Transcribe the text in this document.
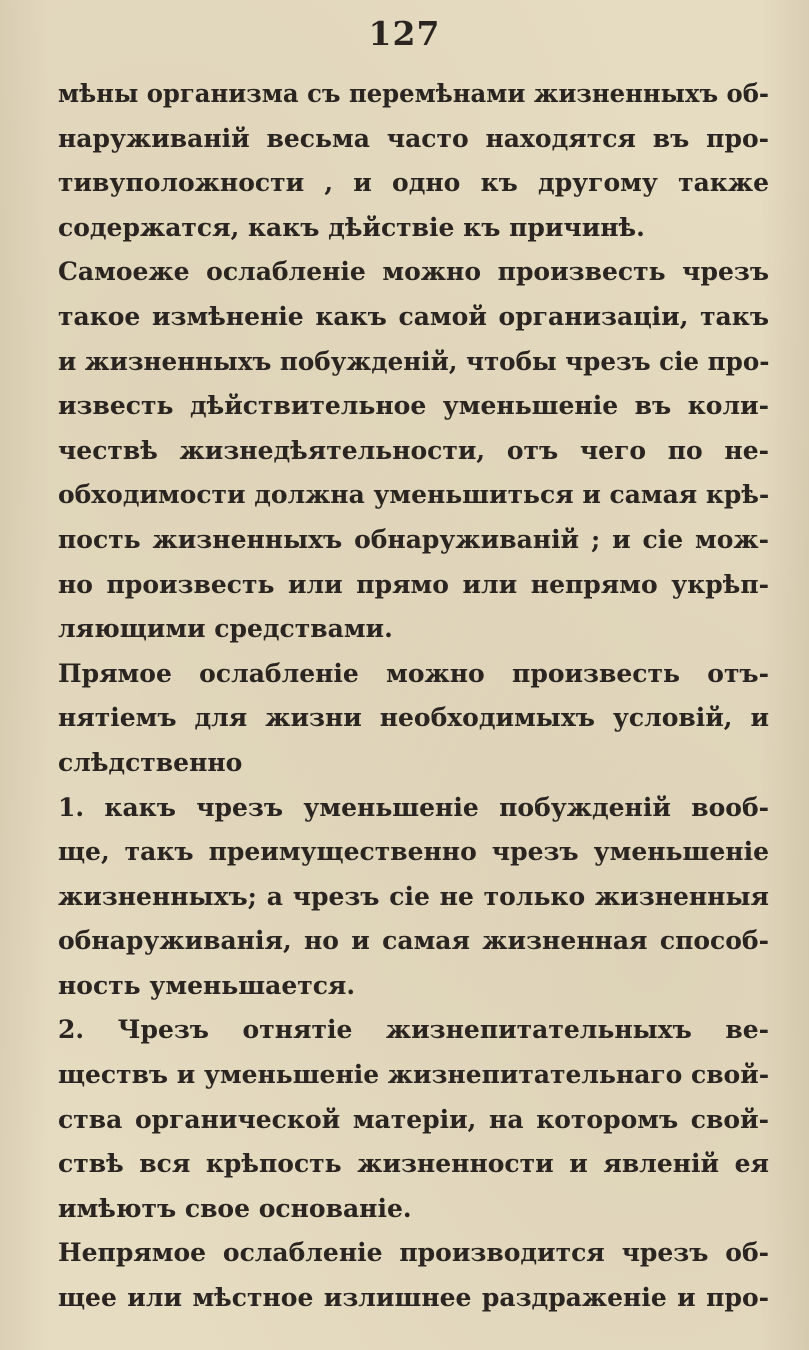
127
мѣны организма съ перемѣнами жизненныхъ об-
наруживаній весьма часто находятся въ про-
тивуположности , и одно къ другому также
содержатся, какъ дѣйствіе къ причинѣ.
Самоеже ослабленіе можно произвесть чрезъ
такое измѣненіе какъ самой организаціи, такъ
и жизненныхъ побужденій, чтобы чрезъ сіе про-
известь дѣйствительное уменьшеніе въ коли-
чествѣ жизнедѣятельности, отъ чего по не-
обходимости должна уменьшиться и самая крѣ-
пость жизненныхъ обнаруживаній ; и сіе мож-
но произвесть или прямо или непрямо укрѣп-
ляющими средствами.
Прямое ослабленіе можно произвесть отъ-
нятіемъ для жизни необходимыхъ условій, и
слѣдственно
1. какъ чрезъ уменьшеніе побужденій вооб-
ще, такъ преимущественно чрезъ уменьшеніе
жизненныхъ; а чрезъ сіе не только жизненныя
обнаруживанія, но и самая жизненная способ-
ность уменьшается.
2. Чрезъ отнятіе жизнепитательныхъ ве-
ществъ и уменьшеніе жизнепитательнаго свой-
ства органической матеріи, на которомъ свой-
ствѣ вся крѣпость жизненности и явленій ея
имѣютъ свое основаніе.
Непрямое ослабленіе производится чрезъ об-
щее или мѣстное излишнее раздраженіе и про-
